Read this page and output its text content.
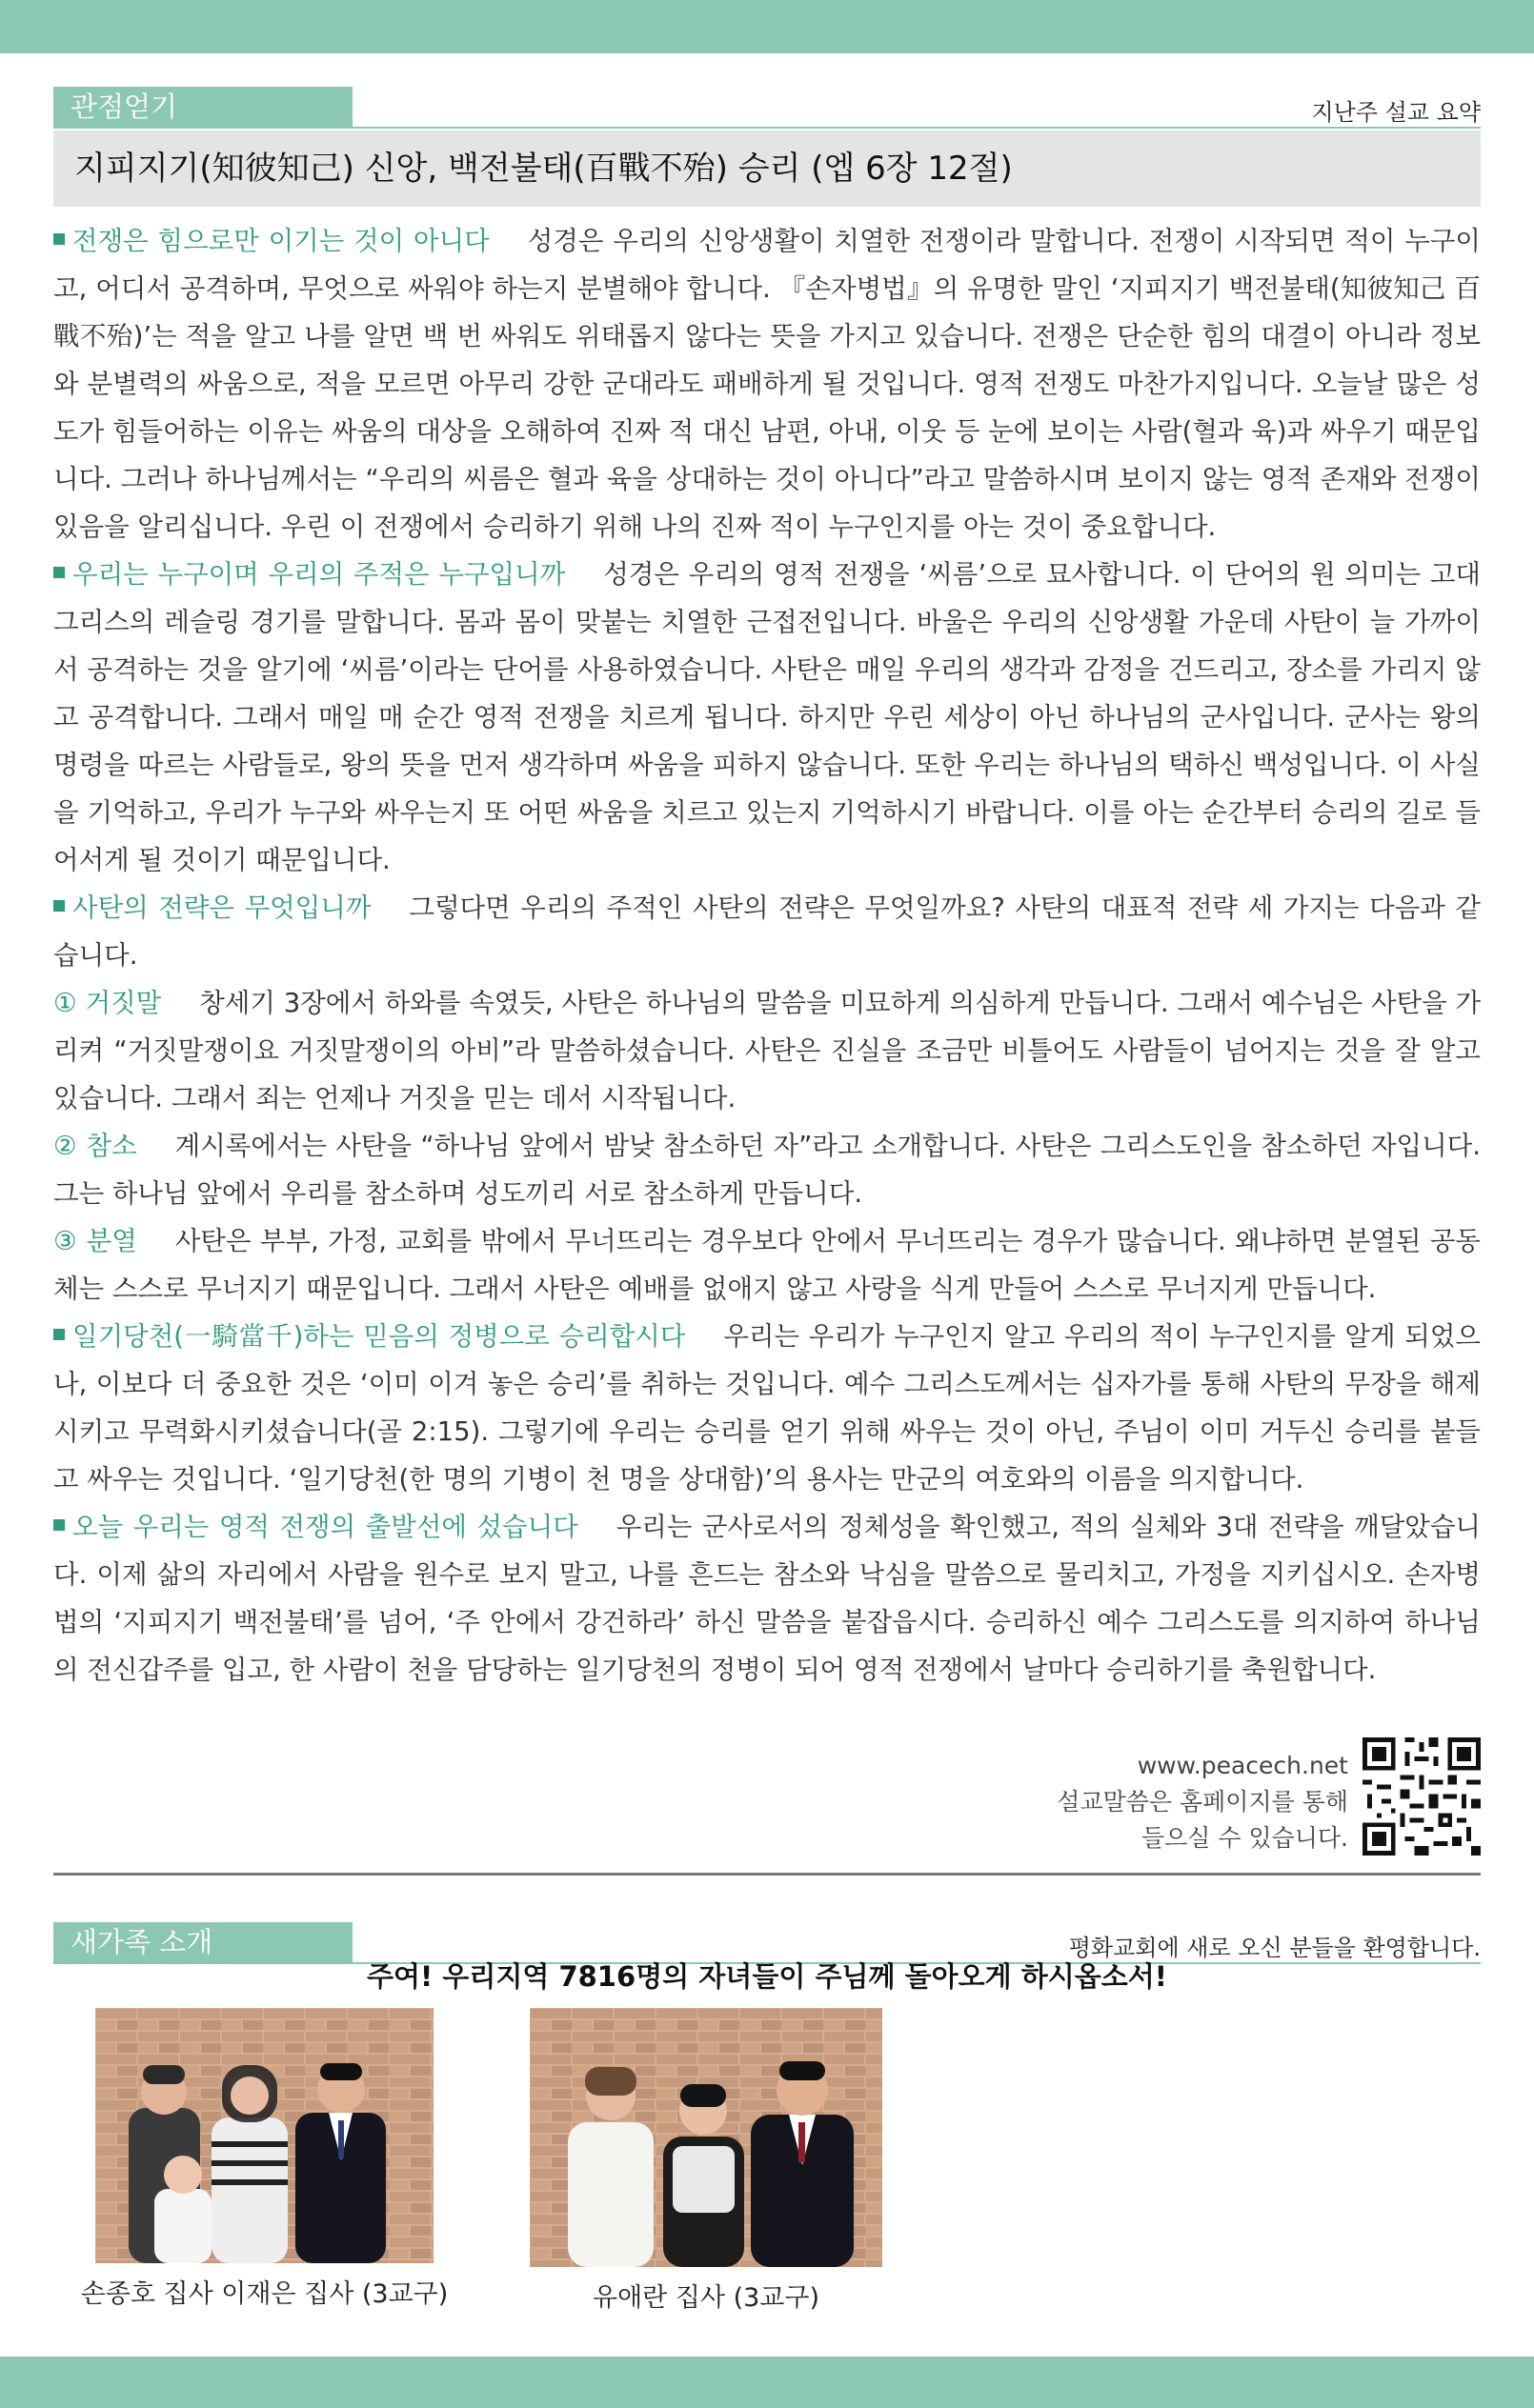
관점얻기	지난주 설교 요약
지피지기(知彼知己) 신앙, 백전불태(百戰不殆) 승리 (엡 6장 12절)

전쟁은 힘으로만 이기는 것이 아니다 성경은 우리의 신앙생활이 치열한 전쟁이라 말합니다. 전쟁이 시작되면 적이 누구이고, 어디서 공격하며, 무엇으로 싸워야 하는지 분별해야 합니다. 『손자병법』의 유명한 말인 ‘지피지기 백전불태(知彼知己 百戰不殆)’는 적을 알고 나를 알면 백 번 싸워도 위태롭지 않다는 뜻을 가지고 있습니다. 전쟁은 단순한 힘의 대결이 아니라 정보와 분별력의 싸움으로, 적을 모르면 아무리 강한 군대라도 패배하게 될 것입니다. 영적 전쟁도 마찬가지입니다. 오늘날 많은 성도가 힘들어하는 이유는 싸움의 대상을 오해하여 진짜 적 대신 남편, 아내, 이웃 등 눈에 보이는 사람(혈과 육)과 싸우기 때문입니다. 그러나 하나님께서는 “우리의 씨름은 혈과 육을 상대하는 것이 아니다”라고 말씀하시며 보이지 않는 영적 존재와 전쟁이 있음을 알리십니다. 우린 이 전쟁에서 승리하기 위해 나의 진짜 적이 누구인지를 아는 것이 중요합니다.

우리는 누구이며 우리의 주적은 누구입니까 성경은 우리의 영적 전쟁을 ‘씨름’으로 묘사합니다. 이 단어의 원 의미는 고대 그리스의 레슬링 경기를 말합니다. 몸과 몸이 맞붙는 치열한 근접전입니다. 바울은 우리의 신앙생활 가운데 사탄이 늘 가까이서 공격하는 것을 알기에 ‘씨름’이라는 단어를 사용하였습니다. 사탄은 매일 우리의 생각과 감정을 건드리고, 장소를 가리지 않고 공격합니다. 그래서 매일 매 순간 영적 전쟁을 치르게 됩니다. 하지만 우린 세상이 아닌 하나님의 군사입니다. 군사는 왕의 명령을 따르는 사람들로, 왕의 뜻을 먼저 생각하며 싸움을 피하지 않습니다. 또한 우리는 하나님의 택하신 백성입니다. 이 사실을 기억하고, 우리가 누구와 싸우는지 또 어떤 싸움을 치르고 있는지 기억하시기 바랍니다. 이를 아는 순간부터 승리의 길로 들어서게 될 것이기 때문입니다.

사탄의 전략은 무엇입니까 그렇다면 우리의 주적인 사탄의 전략은 무엇일까요? 사탄의 대표적 전략 세 가지는 다음과 같습니다.

① 거짓말 창세기 3장에서 하와를 속였듯, 사탄은 하나님의 말씀을 미묘하게 의심하게 만듭니다. 그래서 예수님은 사탄을 가리켜 “거짓말쟁이요 거짓말쟁이의 아비”라 말씀하셨습니다. 사탄은 진실을 조금만 비틀어도 사람들이 넘어지는 것을 잘 알고 있습니다. 그래서 죄는 언제나 거짓을 믿는 데서 시작됩니다.

② 참소 계시록에서는 사탄을 “하나님 앞에서 밤낮 참소하던 자”라고 소개합니다. 사탄은 그리스도인을 참소하던 자입니다. 그는 하나님 앞에서 우리를 참소하며 성도끼리 서로 참소하게 만듭니다.

③ 분열 사탄은 부부, 가정, 교회를 밖에서 무너뜨리는 경우보다 안에서 무너뜨리는 경우가 많습니다. 왜냐하면 분열된 공동체는 스스로 무너지기 때문입니다. 그래서 사탄은 예배를 없애지 않고 사랑을 식게 만들어 스스로 무너지게 만듭니다.

일기당천(一騎當千)하는 믿음의 정병으로 승리합시다 우리는 우리가 누구인지 알고 우리의 적이 누구인지를 알게 되었으나, 이보다 더 중요한 것은 ‘이미 이겨 놓은 승리’를 취하는 것입니다. 예수 그리스도께서는 십자가를 통해 사탄의 무장을 해제시키고 무력화시키셨습니다(골 2:15). 그렇기에 우리는 승리를 얻기 위해 싸우는 것이 아닌, 주님이 이미 거두신 승리를 붙들고 싸우는 것입니다. ‘일기당천(한 명의 기병이 천 명을 상대함)’의 용사는 만군의 여호와의 이름을 의지합니다.

오늘 우리는 영적 전쟁의 출발선에 섰습니다 우리는 군사로서의 정체성을 확인했고, 적의 실체와 3대 전략을 깨달았습니다. 이제 삶의 자리에서 사람을 원수로 보지 말고, 나를 흔드는 참소와 낙심을 말씀으로 물리치고, 가정을 지키십시오. 손자병법의 ‘지피지기 백전불태’를 넘어, ‘주 안에서 강건하라’ 하신 말씀을 붙잡읍시다. 승리하신 예수 그리스도를 의지하여 하나님의 전신갑주를 입고, 한 사람이 천을 담당하는 일기당천의 정병이 되어 영적 전쟁에서 날마다 승리하기를 축원합니다.

www.peacech.net
설교말씀은 홈페이지를 통해
들으실 수 있습니다.
새가족 소개	평화교회에 새로 오신 분들을 환영합니다.
주여! 우리지역 7816명의 자녀들이 주님께 돌아오게 하시옵소서!
손종호 집사 이재은 집사 (3교구)	유애란 집사 (3교구)
